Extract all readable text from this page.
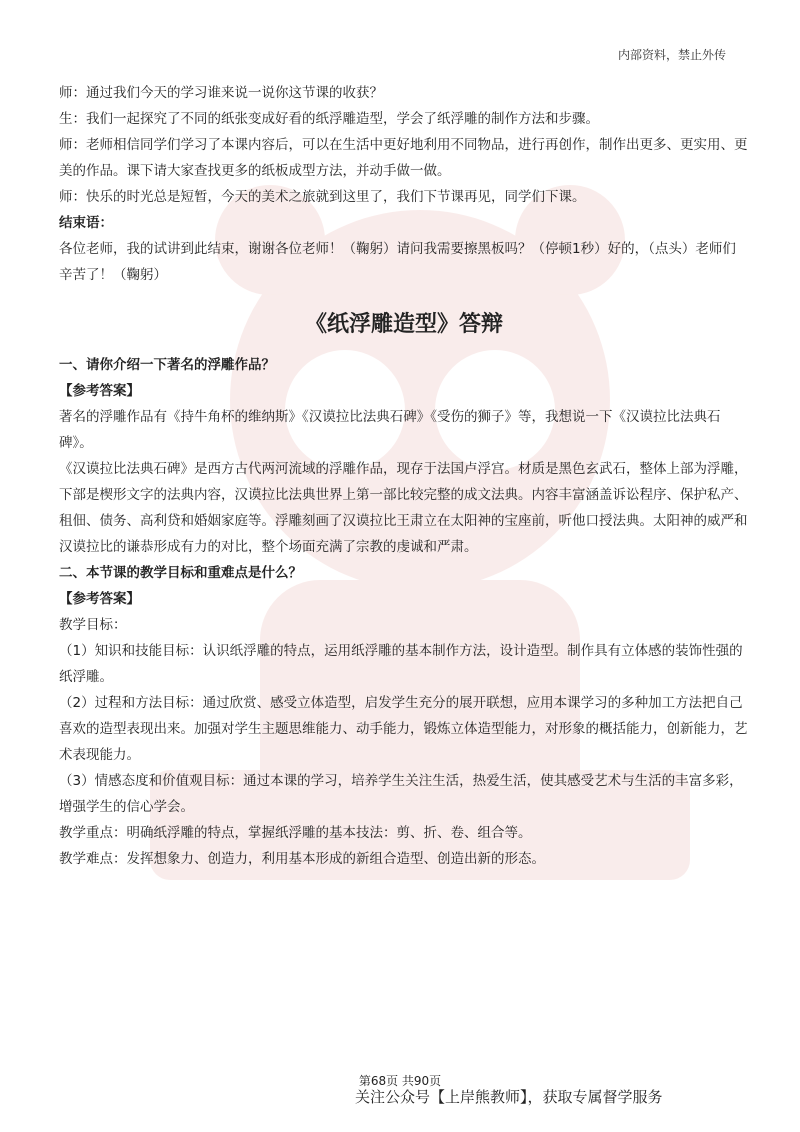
内部资料，禁止外传

师：通过我们今天的学习谁来说一说你这节课的收获？

生：我们一起探究了不同的纸张变成好看的纸浮雕造型，学会了纸浮雕的制作方法和步骤。

师：老师相信同学们学习了本课内容后，可以在生活中更好地利用不同物品，进行再创作，制作出更多、更实用、更美的作品。课下请大家查找更多的纸板成型方法，并动手做一做。

师：快乐的时光总是短暂，今天的美术之旅就到这里了，我们下节课再见，同学们下课。

结束语：

各位老师，我的试讲到此结束，谢谢各位老师！（鞠躬）请问我需要擦黑板吗？（停顿1秒）好的，（点头）老师们辛苦了！（鞠躬）

《纸浮雕造型》答辩

一、请你介绍一下著名的浮雕作品？

【参考答案】

著名的浮雕作品有《持牛角杯的维纳斯》《汉谟拉比法典石碑》《受伤的狮子》等，我想说一下《汉谟拉比法典石碑》。

《汉谟拉比法典石碑》是西方古代两河流域的浮雕作品，现存于法国卢浮宫。材质是黑色玄武石，整体上部为浮雕，下部是楔形文字的法典内容，汉谟拉比法典世界上第一部比较完整的成文法典。内容丰富涵盖诉讼程序、保护私产、租佃、债务、高利贷和婚姻家庭等。浮雕刻画了汉谟拉比王肃立在太阳神的宝座前，听他口授法典。太阳神的威严和汉谟拉比的谦恭形成有力的对比，整个场面充满了宗教的虔诚和严肃。

二、本节课的教学目标和重难点是什么？

【参考答案】

教学目标：

（1）知识和技能目标：认识纸浮雕的特点，运用纸浮雕的基本制作方法，设计造型。制作具有立体感的装饰性强的纸浮雕。

（2）过程和方法目标：通过欣赏、感受立体造型，启发学生充分的展开联想，应用本课学习的多种加工方法把自己喜欢的造型表现出来。加强对学生主题思维能力、动手能力，锻炼立体造型能力，对形象的概括能力，创新能力，艺术表现能力。

（3）情感态度和价值观目标：通过本课的学习，培养学生关注生活，热爱生活，使其感受艺术与生活的丰富多彩，增强学生的信心学会。

教学重点：明确纸浮雕的特点，掌握纸浮雕的基本技法：剪、折、卷、组合等。

教学难点：发挥想象力、创造力，利用基本形成的新组合造型、创造出新的形态。

第68页 共90页
关注公众号【上岸熊教师】，获取专属督学服务
